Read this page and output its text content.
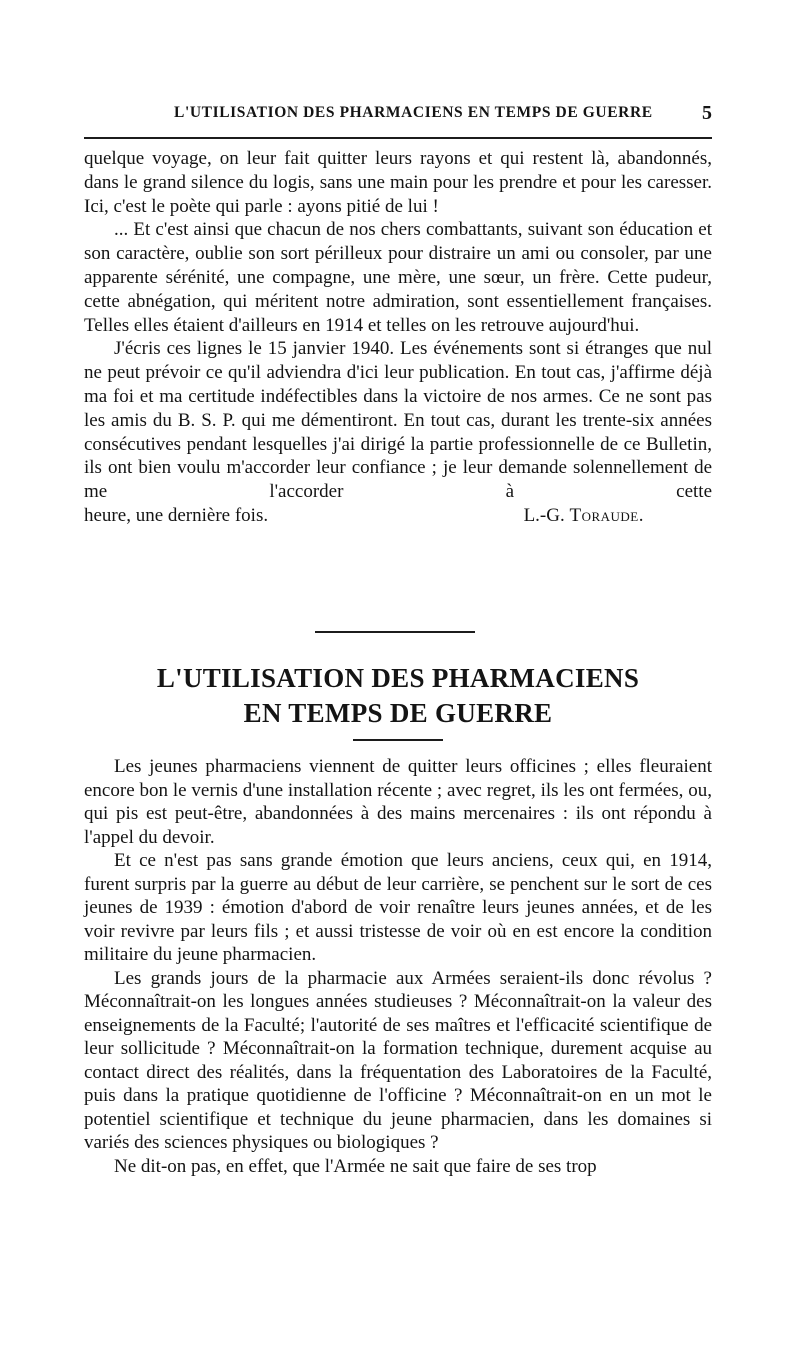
L'UTILISATION DES PHARMACIENS EN TEMPS DE GUERRE 5

quelque voyage, on leur fait quitter leurs rayons et qui restent là, abandonnés, dans le grand silence du logis, sans une main pour les prendre et pour les caresser. Ici, c'est le poète qui parle : ayons pitié de lui !

... Et c'est ainsi que chacun de nos chers combattants, suivant son éducation et son caractère, oublie son sort périlleux pour distraire un ami ou consoler, par une apparente sérénité, une compagne, une mère, une sœur, un frère. Cette pudeur, cette abnégation, qui méritent notre admiration, sont essentiellement françaises. Telles elles étaient d'ailleurs en 1914 et telles on les retrouve aujourd'hui.

J'écris ces lignes le 15 janvier 1940. Les événements sont si étranges que nul ne peut prévoir ce qu'il adviendra d'ici leur publication. En tout cas, j'affirme déjà ma foi et ma certitude indéfectibles dans la victoire de nos armes. Ce ne sont pas les amis du B. S. P. qui me démentiront. En tout cas, durant les trente-six années consécutives pendant lesquelles j'ai dirigé la partie professionnelle de ce Bulletin, ils ont bien voulu m'accorder leur confiance ; je leur demande solennellement de me l'accorder à cette

heure, une dernière fois.	L.-G. Toraude.
L'UTILISATION DES PHARMACIENS
EN TEMPS DE GUERRE

Les jeunes pharmaciens viennent de quitter leurs officines ; elles fleuraient encore bon le vernis d'une installation récente ; avec regret, ils les ont fermées, ou, qui pis est peut-être, abandonnées à des mains mercenaires : ils ont répondu à l'appel du devoir.

Et ce n'est pas sans grande émotion que leurs anciens, ceux qui, en 1914, furent surpris par la guerre au début de leur carrière, se penchent sur le sort de ces jeunes de 1939 : émotion d'abord de voir renaître leurs jeunes années, et de les voir revivre par leurs fils ; et aussi tristesse de voir où en est encore la condition militaire du jeune pharmacien.

Les grands jours de la pharmacie aux Armées seraient-ils donc révolus ? Méconnaîtrait-on les longues années studieuses ? Méconnaîtrait-on la valeur des enseignements de la Faculté; l'autorité de ses maîtres et l'efficacité scientifique de leur sollicitude ? Méconnaîtrait-on la formation technique, durement acquise au contact direct des réalités, dans la fréquentation des Laboratoires de la Faculté, puis dans la pratique quotidienne de l'officine ? Méconnaîtrait-on en un mot le potentiel scientifique et technique du jeune pharmacien, dans les domaines si variés des sciences physiques ou biologiques ?

Ne dit-on pas, en effet, que l'Armée ne sait que faire de ses trop
